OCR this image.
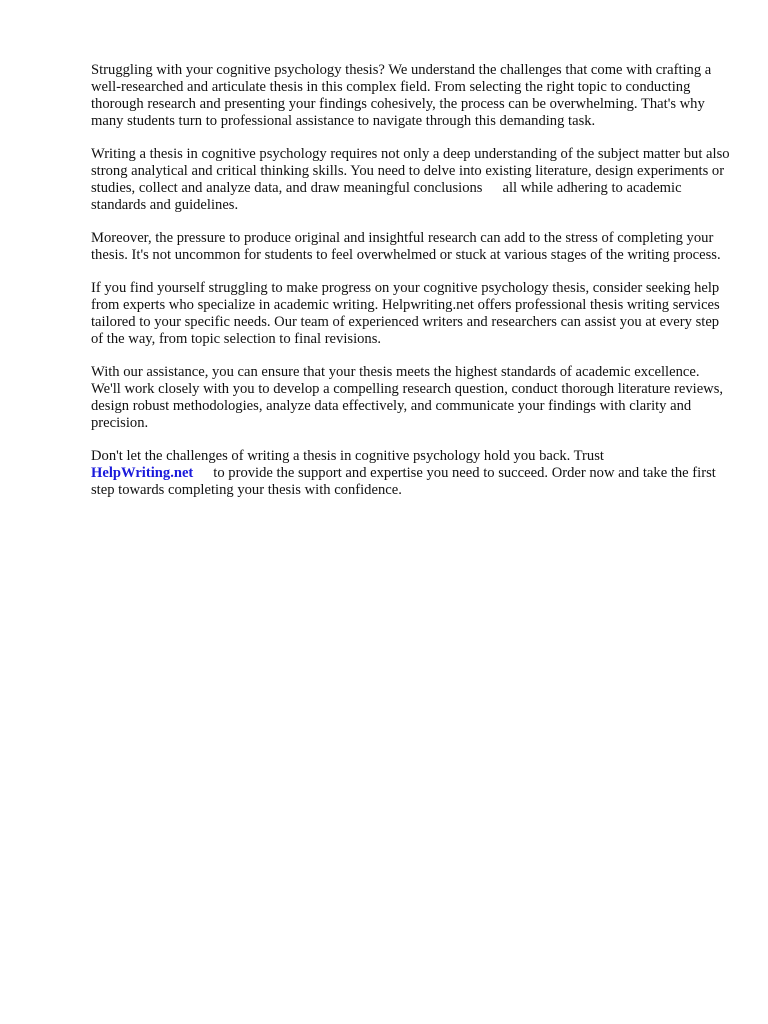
Struggling with your cognitive psychology thesis? We understand the challenges that come with crafting a well-researched and articulate thesis in this complex field. From selecting the right topic to conducting thorough research and presenting your findings cohesively, the process can be overwhelming. That's why many students turn to professional assistance to navigate through this demanding task.

Writing a thesis in cognitive psychology requires not only a deep understanding of the subject matter but also strong analytical and critical thinking skills. You need to delve into existing literature, design experiments or studies, collect and analyze data, and draw meaningful conclusions all while adhering to academic standards and guidelines.

Moreover, the pressure to produce original and insightful research can add to the stress of completing your thesis. It's not uncommon for students to feel overwhelmed or stuck at various stages of the writing process.

If you find yourself struggling to make progress on your cognitive psychology thesis, consider seeking help from experts who specialize in academic writing. Helpwriting.net offers professional thesis writing services tailored to your specific needs. Our team of experienced writers and researchers can assist you at every step of the way, from topic selection to final revisions.

With our assistance, you can ensure that your thesis meets the highest standards of academic excellence. We'll work closely with you to develop a compelling research question, conduct thorough literature reviews, design robust methodologies, analyze data effectively, and communicate your findings with clarity and precision.

Don't let the challenges of writing a thesis in cognitive psychology hold you back. Trust
HelpWriting.net to provide the support and expertise you need to succeed. Order now and take the first step towards completing your thesis with confidence.
